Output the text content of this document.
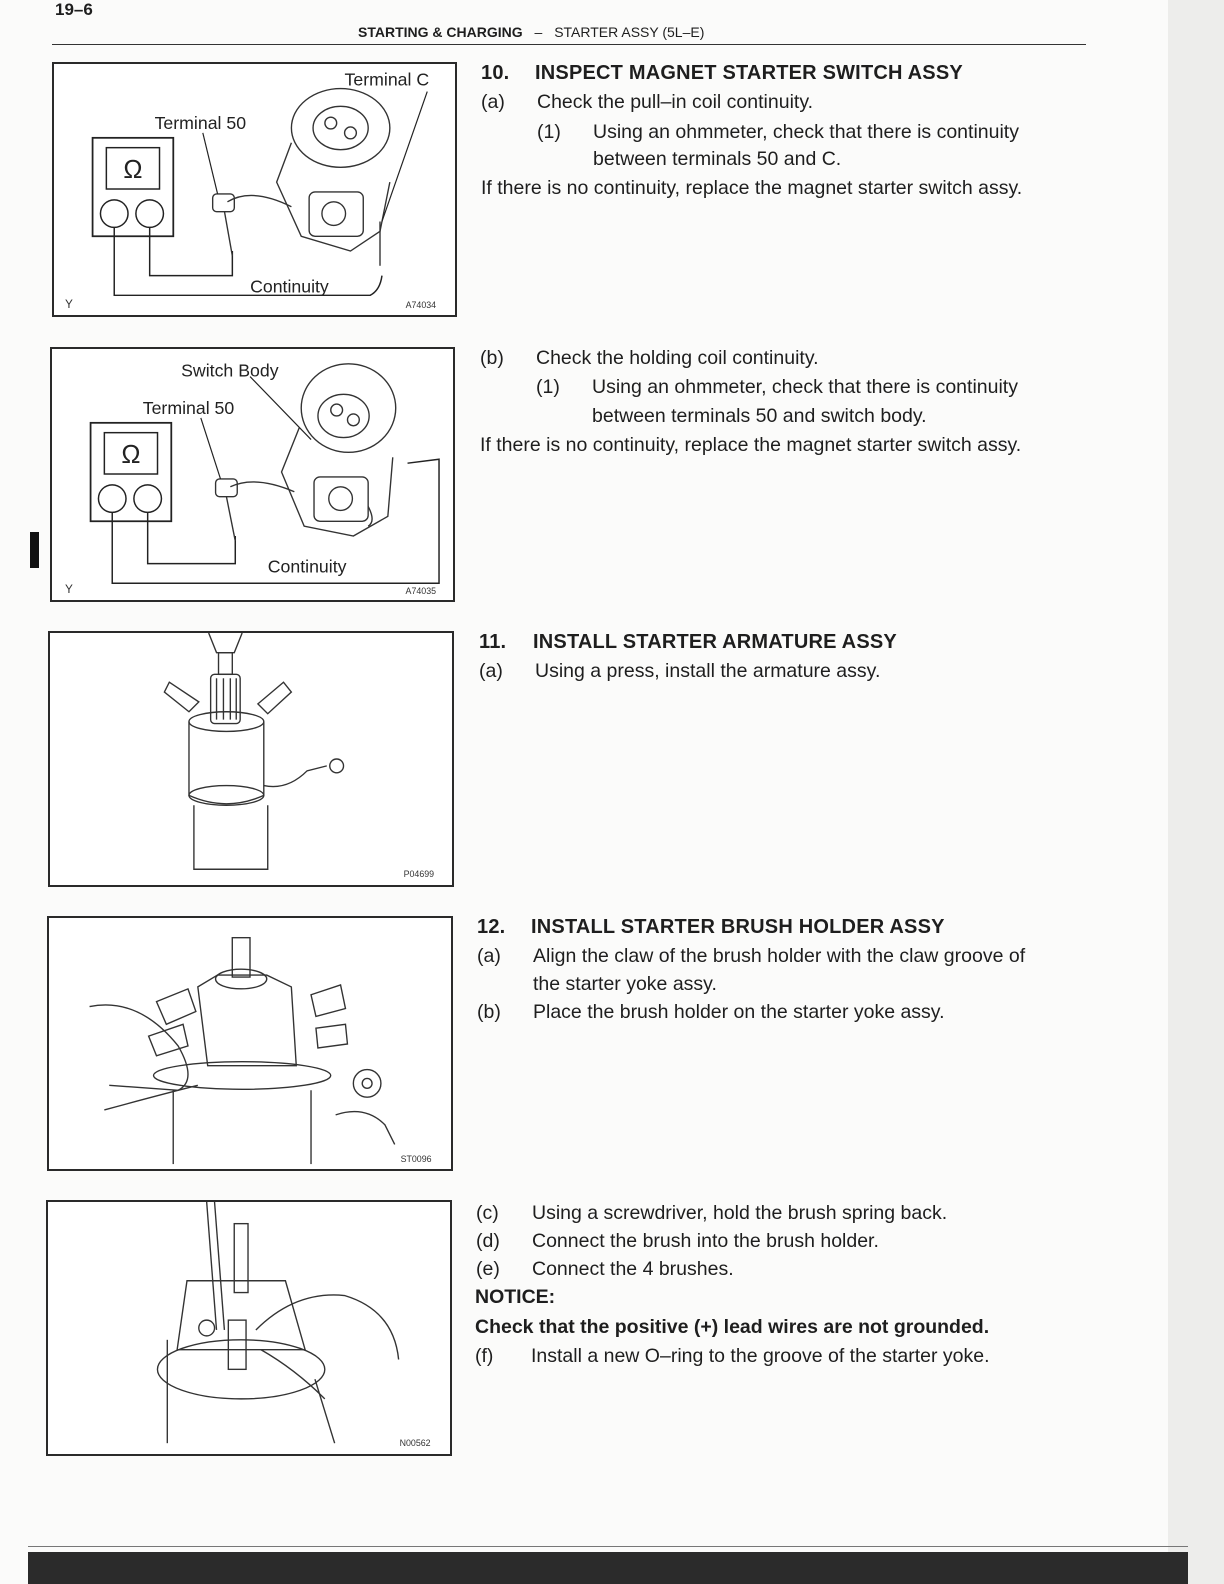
19–6
STARTING & CHARGING – STARTER ASSY (5L–E)
Ω
Terminal C
Terminal 50
Continuity
Y	A74034
Ω
Switch Body
Terminal 50
Continuity
Y	A74035
P04699
ST0096
N00562
10. INSPECT MAGNET STARTER SWITCH ASSY
(a) Check the pull–in coil continuity.
(1) Using an ohmmeter, check that there is continuity
between terminals 50 and C.
If there is no continuity, replace the magnet starter switch assy.
(b) Check the holding coil continuity.
(1) Using an ohmmeter, check that there is continuity
between terminals 50 and switch body.
If there is no continuity, replace the magnet starter switch assy.
11. INSTALL STARTER ARMATURE ASSY
(a) Using a press, install the armature assy.
12. INSTALL STARTER BRUSH HOLDER ASSY
(a) Align the claw of the brush holder with the claw groove of
the starter yoke assy.
(b) Place the brush holder on the starter yoke assy.
(c) Using a screwdriver, hold the brush spring back.
(d) Connect the brush into the brush holder.
(e) Connect the 4 brushes.
NOTICE:
Check that the positive (+) lead wires are not grounded.
(f) Install a new O–ring to the groove of the starter yoke.
